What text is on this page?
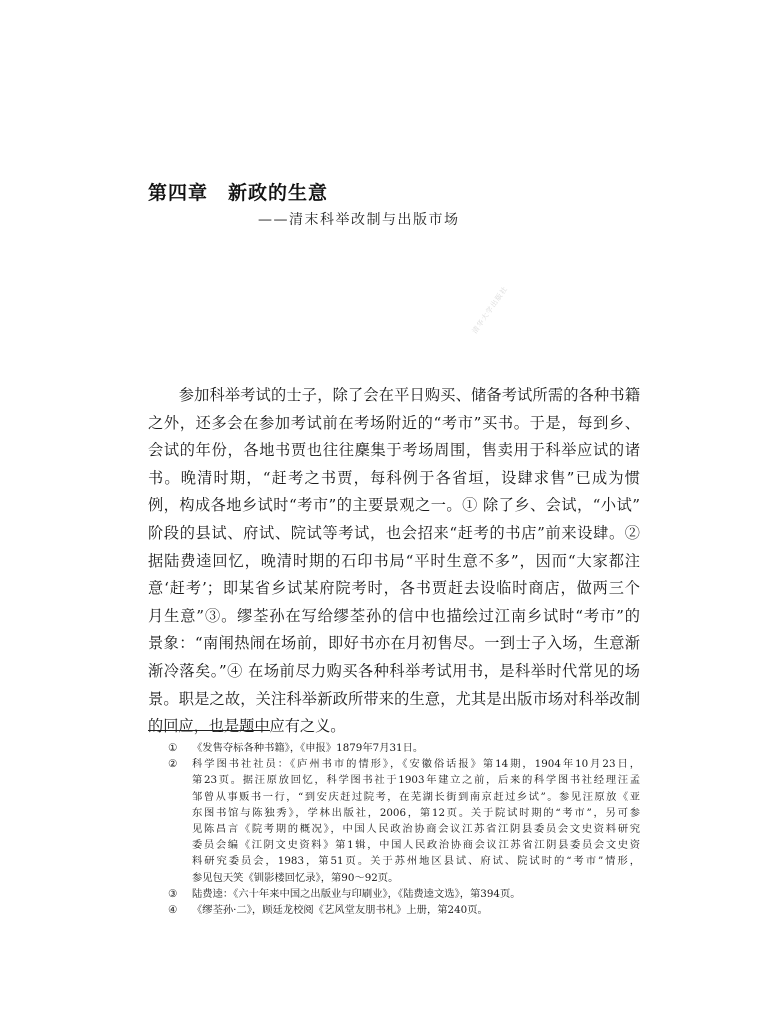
第四章　新政的生意
——清末科举改制与出版市场
清华大学出版社
　　参加科举考试的士子，除了会在平日购买、储备考试所需的各种书籍
之外，还多会在参加考试前在考场附近的“考市”买书。于是，每到乡、
会试的年份，各地书贾也往往麇集于考场周围，售卖用于科举应试的诸
书。晚清时期，“赶考之书贾，每科例于各省垣，设肆求售”已成为惯
例，构成各地乡试时“考市”的主要景观之一。① 除了乡、会试，“小试”
阶段的县试、府试、院试等考试，也会招来“赶考的书店”前来设肆。②
据陆费逵回忆，晚清时期的石印书局“平时生意不多”，因而“大家都注
意‘赶考’；即某省乡试某府院考时，各书贾赶去设临时商店，做两三个
月生意”③。缪荃孙在写给缪荃孙的信中也描绘过江南乡试时“考市”的
景象：“南闱热闹在场前，即好书亦在月初售尽。一到士子入场，生意渐
渐冷落矣。”④ 在场前尽力购买各种科举考试用书，是科举时代常见的场
景。职是之故，关注科举新政所带来的生意，尤其是出版市场对科举改制
的回应，也是题中应有之义。
① 《发售夺标各种书籍》，《申报》1879年7月31日。
② 科学图书社社员：《庐州书市的情形》，《安徽俗话报》第14期，1904年10月23日，
第23页。据汪原放回忆，科学图书社于1903年建立之前，后来的科学图书社经理汪孟
邹曾从事贩书一行，“到安庆赶过院考，在芜湖长街到南京赶过乡试”。参见汪原放《亚
东图书馆与陈独秀》，学林出版社，2006，第12页。关于院试时期的“考市”，另可参
见陈昌言《院考期的概况》，中国人民政治协商会议江苏省江阴县委员会文史资料研究
委员会编《江阴文史资料》第1辑，中国人民政治协商会议江苏省江阴县委员会文史资
料研究委员会，1983，第51页。关于苏州地区县试、府试、院试时的“考市”情形，
参见包天笑《钏影楼回忆录》，第90～92页。
③ 陆费逵：《六十年来中国之出版业与印刷业》，《陆费逵文选》，第394页。
④ 《缪荃孙·二》，顾廷龙校阅《艺风堂友朋书札》上册，第240页。
